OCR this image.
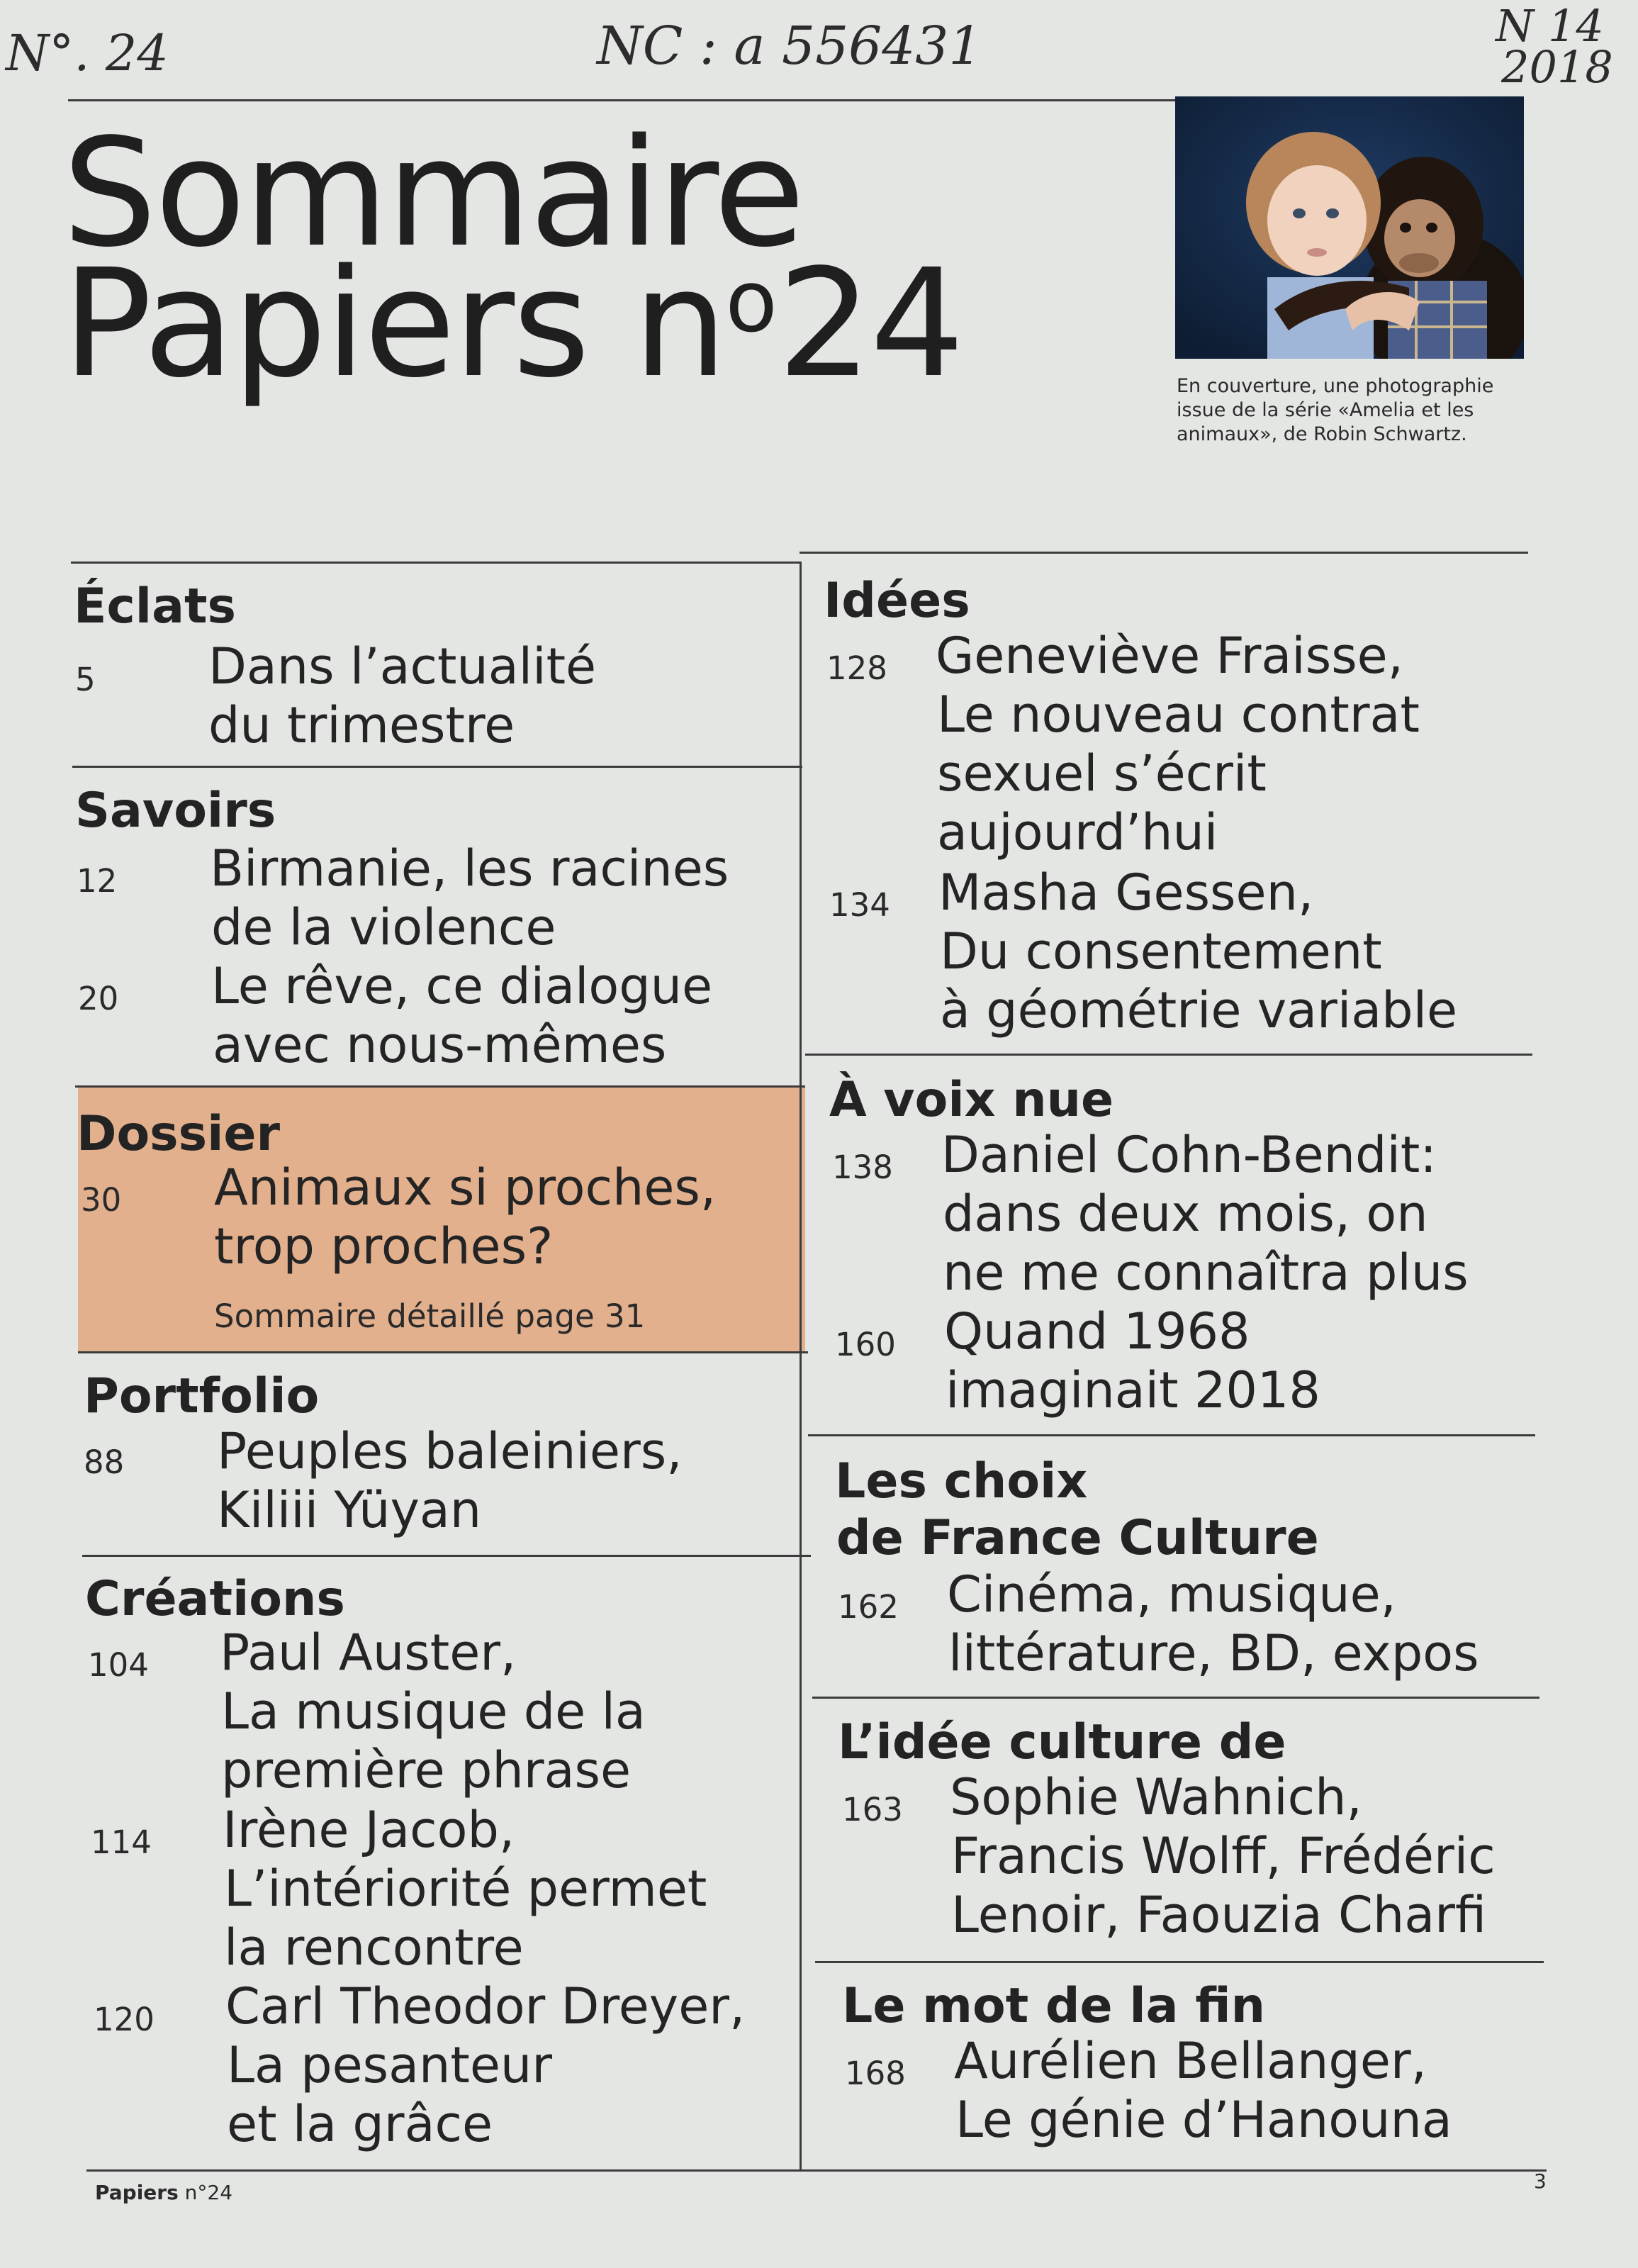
N°. 24	NC : a 556431	N 14
2018
Sommaire
Papiers $n^o24$	En couverture, une photographie issue de la série «Amelia et les animaux», de Robin Schwartz.
Éclats
5 Dans l’actualité
du trimestre
Savoirs
12 Birmanie, les racines
de la violence
20 Le rêve, ce dialogue
avec nous-mêmes
Dossier
30 Animaux si proches,
trop proches?
Sommaire détaillé page 31
Portfolio
88 Peuples baleiniers,
Kiliii Yüyan
Créations
104 Paul Auster,
La musique de la
première phrase
114 Irène Jacob,
L’intériorité permet
la rencontre
120 Carl Theodor Dreyer,
La pesanteur
et la grâce
Idées
128 Geneviève Fraisse,
Le nouveau contrat
sexuel s’écrit
aujourd’hui
134 Masha Gessen,
Du consentement
à géométrie variable
À voix nue
138 Daniel Cohn-Bendit:
dans deux mois, on
ne me connaîtra plus
160 Quand 1968
imaginait 2018
Les choix
de France Culture
162 Cinéma, musique,
littérature, BD, expos
L’idée culture de
163 Sophie Wahnich,
Francis Wolff, Frédéric
Lenoir, Faouzia Charfi
Le mot de la fin
168 Aurélien Bellanger,
Le génie d’Hanouna
Papiers n°24	3
